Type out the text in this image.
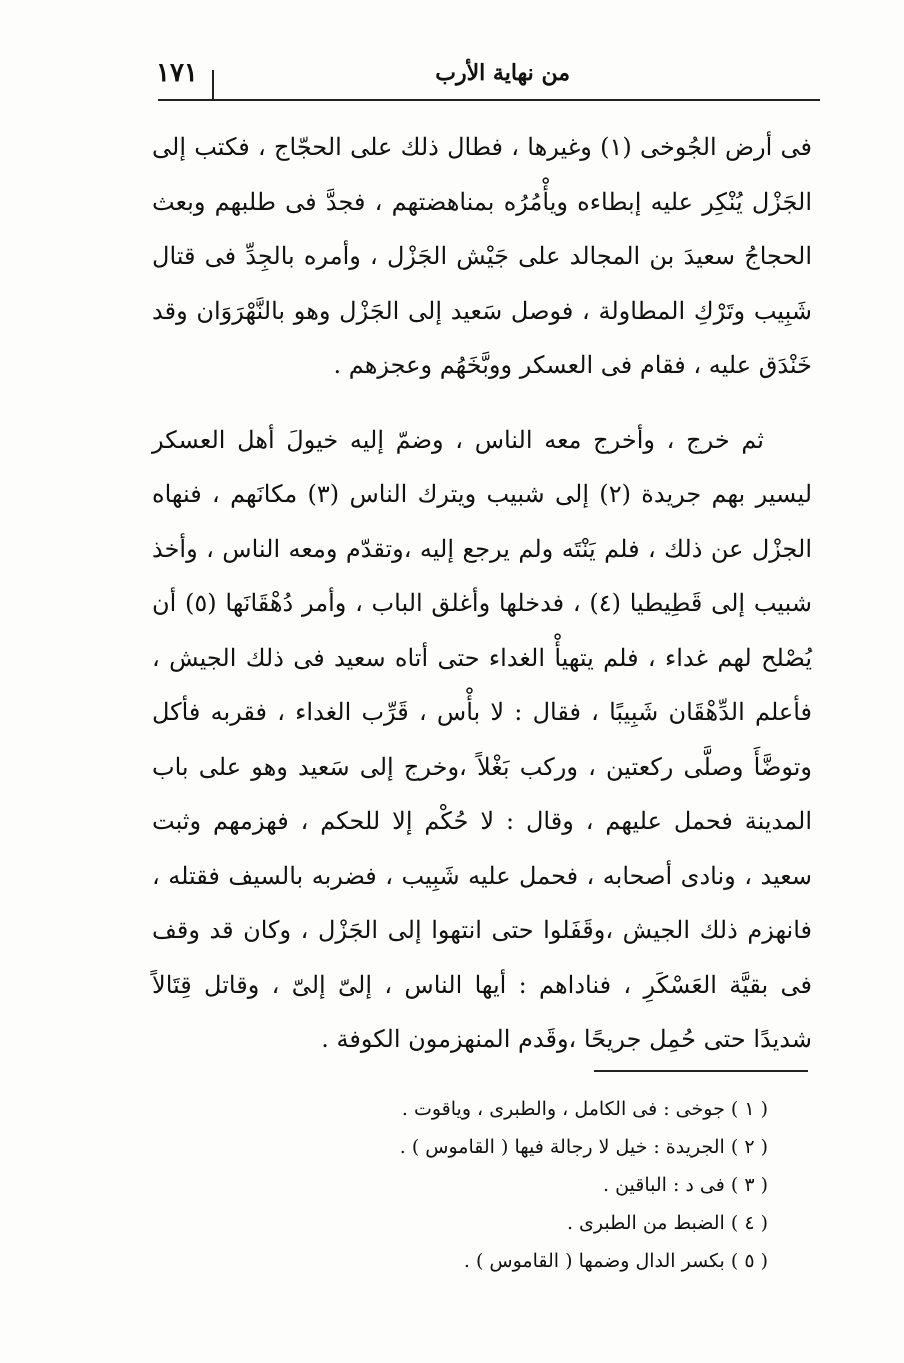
من نهاية الأرب
١٧١

فى أرض الجُوخى (١) وغيرها ، فطال ذلك على الحجّاج ، فكتب إلى الجَزْل يُنْكِر عليه إبطاءه ويأْمُرُه بمناهضتهم ، فجدَّ فى طلبهم وبعث الحجاجُ سعيدَ بن المجالد على جَيْش الجَزْل ، وأمره بالجِدِّ فى قتال شَبِيب وتَرْكِ المطاولة ، فوصل سَعيد إلى الجَزْل وهو بالنَّهْرَوَان وقد خَنْدَق عليه ، فقام فى العسكر ووبَّخَهُم وعجزهم .

ثم خرج ، وأخرج معه الناس ، وضمّ إليه خيولَ أهل العسكر ليسير بهم جريدة (٢) إلى شبيب ويترك الناس (٣) مكانَهم ، فنهاه الجزْل عن ذلك ، فلم يَنْتَه ولم يرجع إليه ،وتقدّم ومعه الناس ، وأخذ شبيب إلى قَطِيطيا (٤) ، فدخلها وأغلق الباب ، وأمر دُهْقَانَها (٥) أن يُصْلح لهم غداء ، فلم يتهيأْ الغداء حتى أتاه سعيد فى ذلك الجيش ، فأعلم الدِّهْقَان شَبِيبًا ، فقال : لا بأْس ، قَرِّب الغداء ، فقربه فأكل وتوضَّأَ وصلَّى ركعتين ، وركب بَغْلاً ،وخرج إلى سَعيد وهو على باب المدينة فحمل عليهم ، وقال : لا حُكْم إلا للحكم ، فهزمهم وثبت سعيد ، ونادى أصحابه ، فحمل عليه شَبِيب ، فضربه بالسيف فقتله ، فانهزم ذلك الجيش ،وقَفَلوا حتى انتهوا إلى الجَزْل ، وكان قد وقف فى بقيَّة العَسْكَرِ ، فناداهم : أيها الناس ، إلىّ إلىّ ، وقاتل قِتَالاً شديدًا حتى حُمِل جريحًا ،وقَدم المنهزمون الكوفة .

( ١ ) جوخى : فى الكامل ، والطبرى ، وياقوت .

( ٢ ) الجريدة : خيل لا رجالة فيها ( القاموس ) .

( ٣ ) فى د : الباقين .

( ٤ ) الضبط من الطبرى .

( ٥ ) بكسر الدال وضمها ( القاموس ) .
